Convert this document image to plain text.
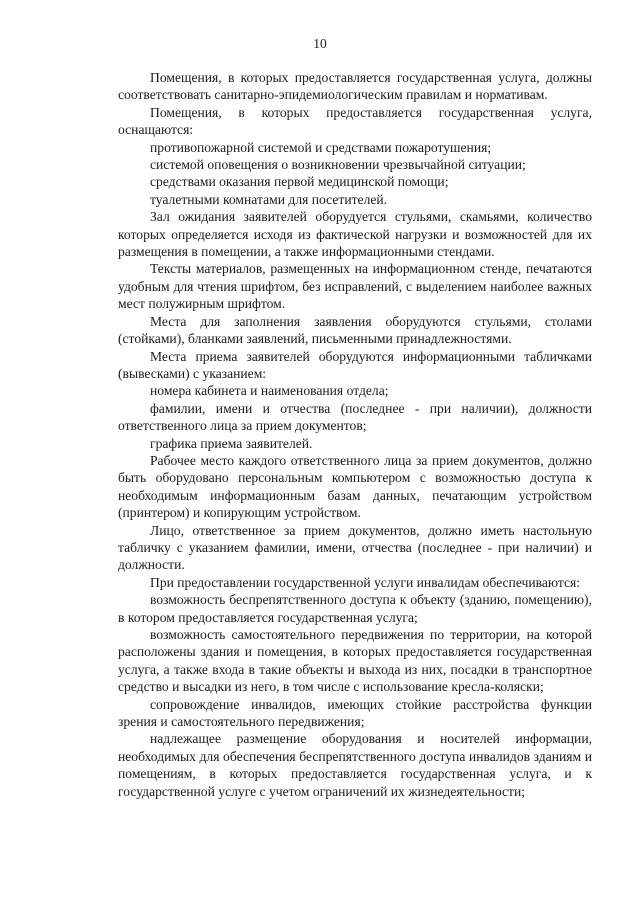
10

Помещения, в которых предоставляется государственная услуга, должны соответствовать санитарно-эпидемиологическим правилам и нормативам.

Помещения, в которых предоставляется государственная услуга, оснащаются:

противопожарной системой и средствами пожаротушения;

системой оповещения о возникновении чрезвычайной ситуации;

средствами оказания первой медицинской помощи;

туалетными комнатами для посетителей.

Зал ожидания заявителей оборудуется стульями, скамьями, количество которых определяется исходя из фактической нагрузки и возможностей для их размещения в помещении, а также информационными стендами.

Тексты материалов, размещенных на информационном стенде, печатаются удобным для чтения шрифтом, без исправлений, с выделением наиболее важных мест полужирным шрифтом.

Места для заполнения заявления оборудуются стульями, столами (стойками), бланками заявлений, письменными принадлежностями.

Места приема заявителей оборудуются информационными табличками (вывесками) с указанием:

номера кабинета и наименования отдела;

фамилии, имени и отчества (последнее - при наличии), должности ответственного лица за прием документов;

графика приема заявителей.

Рабочее место каждого ответственного лица за прием документов, должно быть оборудовано персональным компьютером с возможностью доступа к необходимым информационным базам данных, печатающим устройством (принтером) и копирующим устройством.

Лицо, ответственное за прием документов, должно иметь настольную табличку с указанием фамилии, имени, отчества (последнее - при наличии) и должности.

При предоставлении государственной услуги инвалидам обеспечиваются:

возможность беспрепятственного доступа к объекту (зданию, помещению), в котором предоставляется государственная услуга;

возможность самостоятельного передвижения по территории, на которой расположены здания и помещения, в которых предоставляется государственная услуга, а также входа в такие объекты и выхода из них, посадки в транспортное средство и высадки из него, в том числе с использование кресла-коляски;

сопровождение инвалидов, имеющих стойкие расстройства функции зрения и самостоятельного передвижения;

надлежащее размещение оборудования и носителей информации, необходимых для обеспечения беспрепятственного доступа инвалидов зданиям и помещениям, в которых предоставляется государственная услуга, и к государственной услуге с учетом ограничений их жизнедеятельности;
